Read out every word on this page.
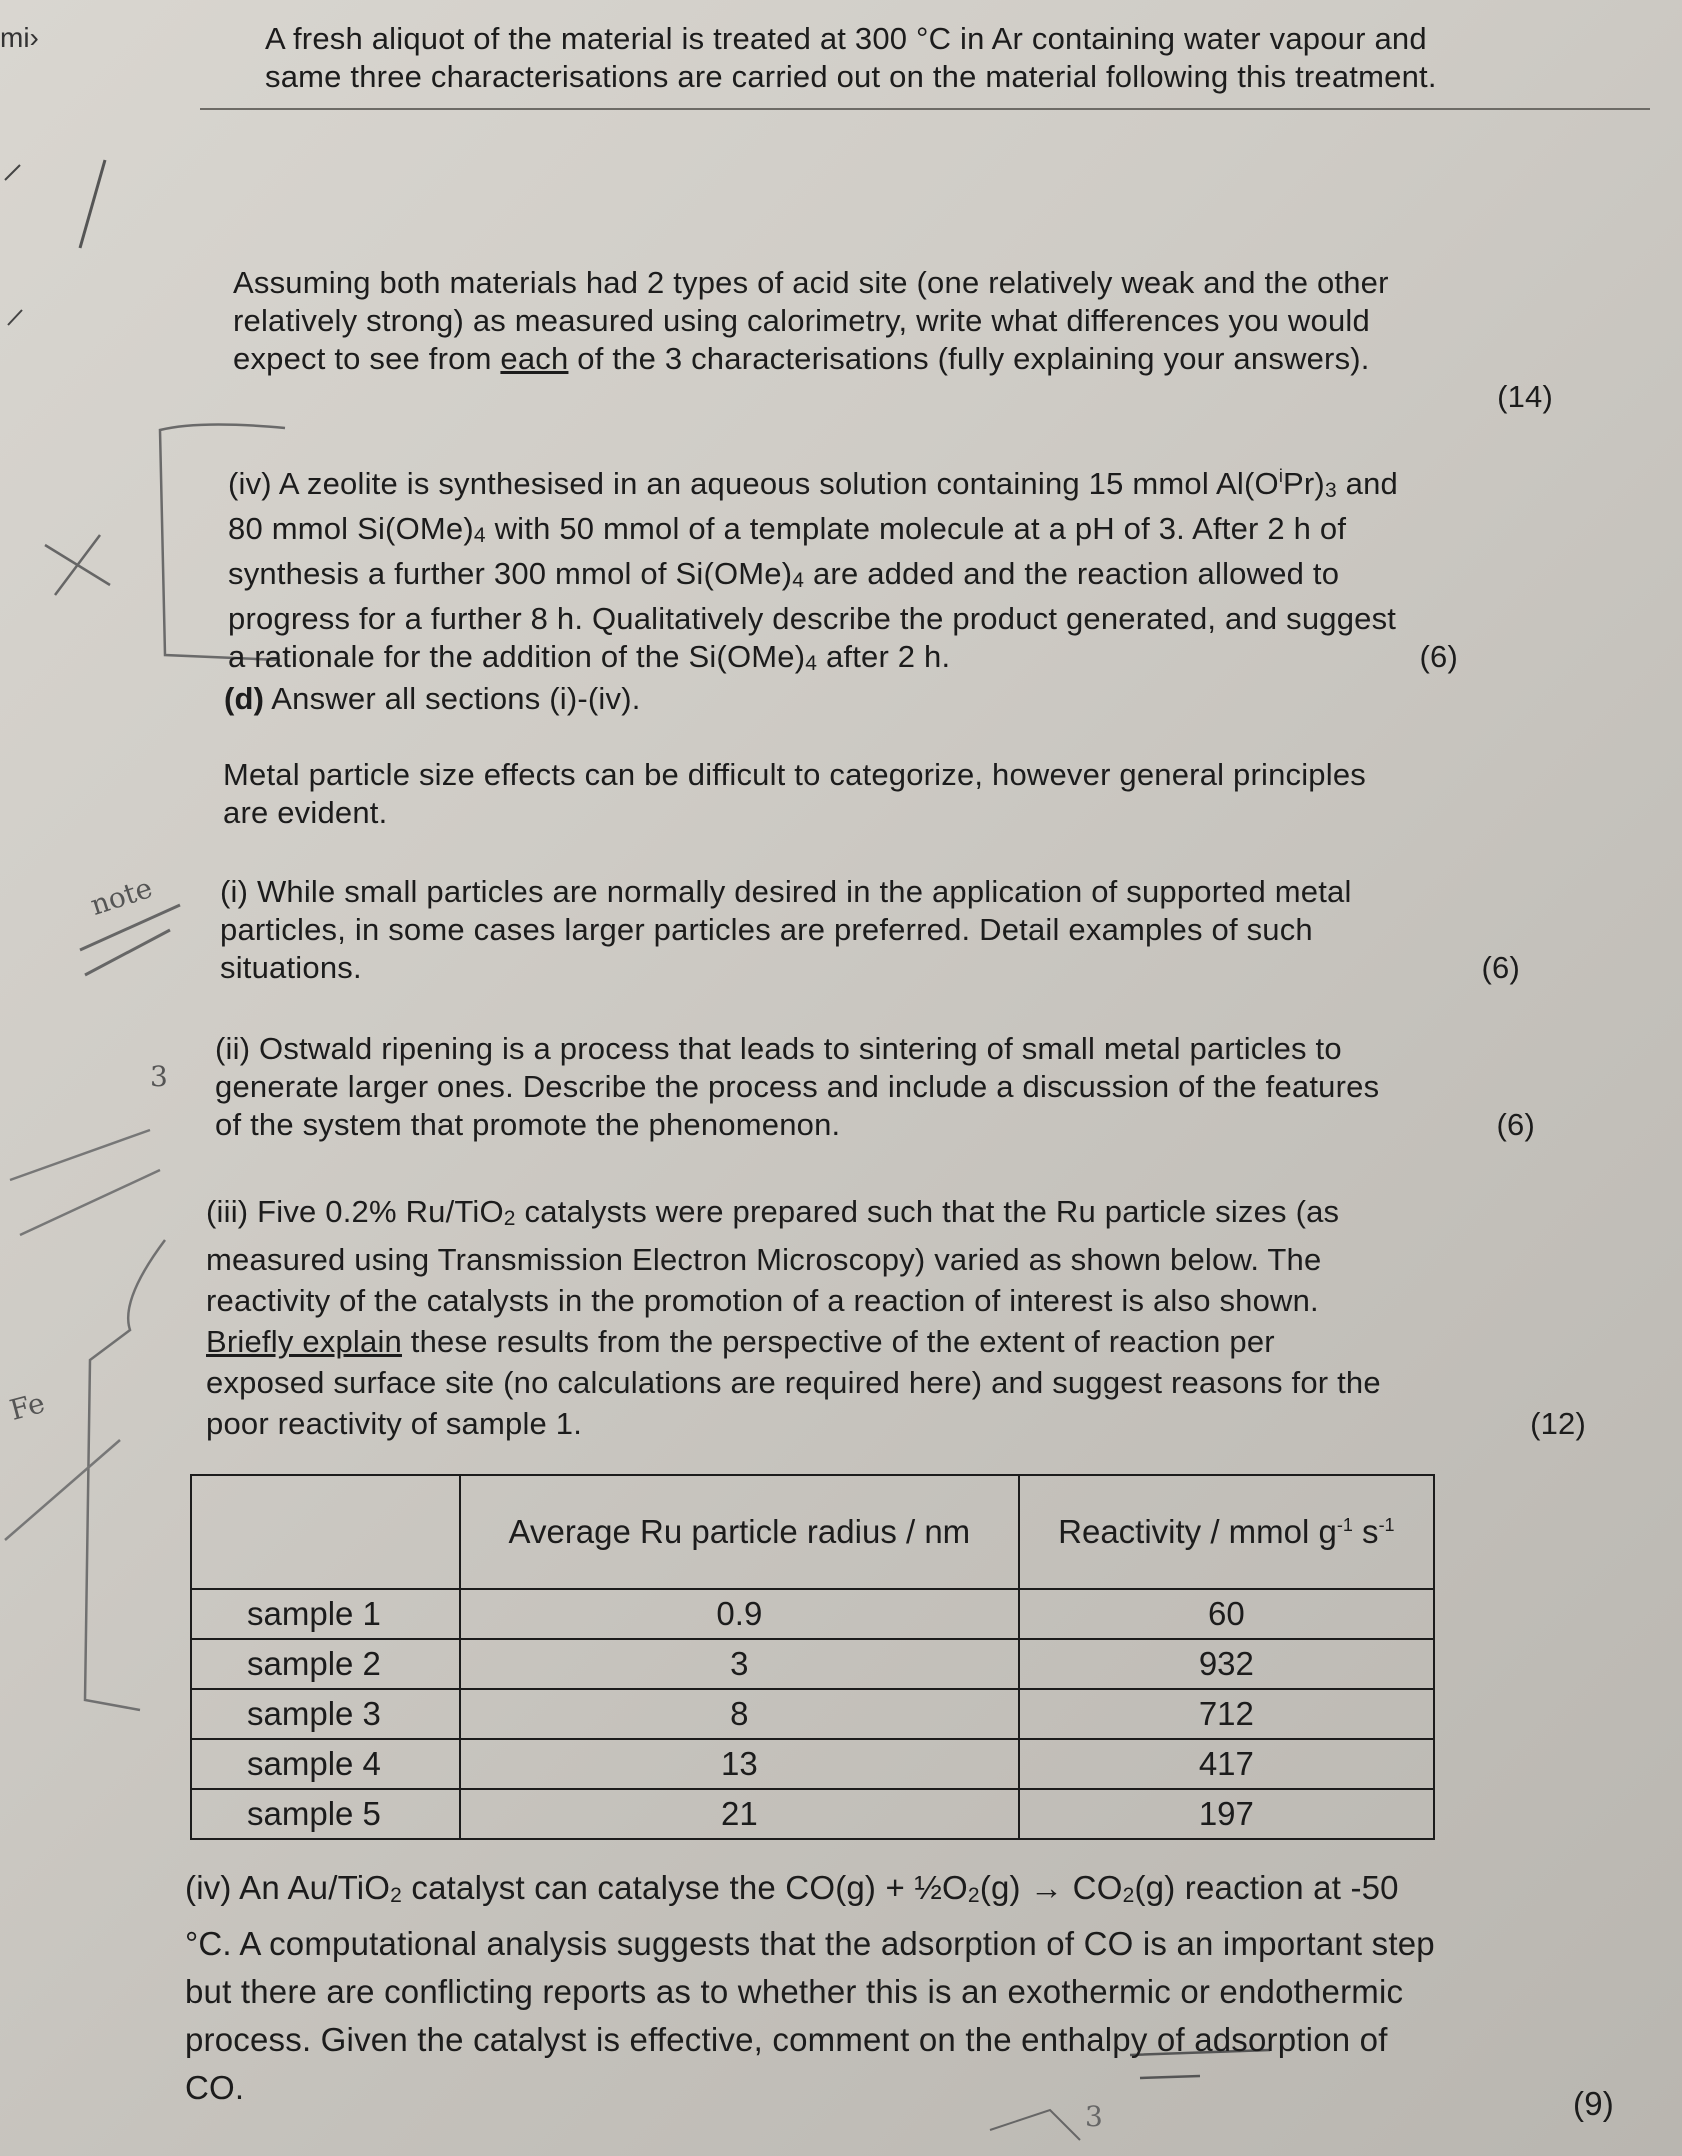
mi›
note
3
Fe
3
A fresh aliquot of the material is treated at 300 °C in Ar containing water vapour and
same three characterisations are carried out on the material following this treatment.
Assuming both materials had 2 types of acid site (one relatively weak and the other
relatively strong) as measured using calorimetry, write what differences you would
expect to see from each of the 3 characterisations (fully explaining your answers).
(14)
(iv) A zeolite is synthesised in an aqueous solution containing 15 mmol $Al(O^iPr)3$ and
80 mmol Si(OMe)4 with 50 mmol of a template molecule at a pH of 3. After 2 h of
synthesis a further 300 mmol of Si(OMe)4 are added and the reaction allowed to
progress for a further 8 h. Qualitatively describe the product generated, and suggest
a rationale for the addition of the Si(OMe)4 after 2 h.	(6)
(d) Answer all sections (i)-(iv).
Metal particle size effects can be difficult to categorize, however general principles
are evident.
(i) While small particles are normally desired in the application of supported metal
particles, in some cases larger particles are preferred. Detail examples of such
situations.	(6)
(ii) Ostwald ripening is a process that leads to sintering of small metal particles to
generate larger ones. Describe the process and include a discussion of the features
of the system that promote the phenomenon.	(6)
(iii) Five 0.2% Ru/TiO2 catalysts were prepared such that the Ru particle sizes (as
measured using Transmission Electron Microscopy) varied as shown below. The
reactivity of the catalysts in the promotion of a reaction of interest is also shown.
Briefly explain these results from the perspective of the extent of reaction per
exposed surface site (no calculations are required here) and suggest reasons for the
poor reactivity of sample 1.	(12)
	Average Ru particle radius / nm	Reactivity / mmol $g^{-1}$ $s^{-1}$
sample 1	0.9	60
sample 2	3	932
sample 3	8	712
sample 4	13	417
sample 5	21	197
(iv) An Au/TiO2 catalyst can catalyse the CO(g) + ½O2(g) → CO2(g) reaction at -50
°C. A computational analysis suggests that the adsorption of CO is an important step
but there are conflicting reports as to whether this is an exothermic or endothermic
process. Given the catalyst is effective, comment on the enthalpy of adsorption of
CO.	(9)
